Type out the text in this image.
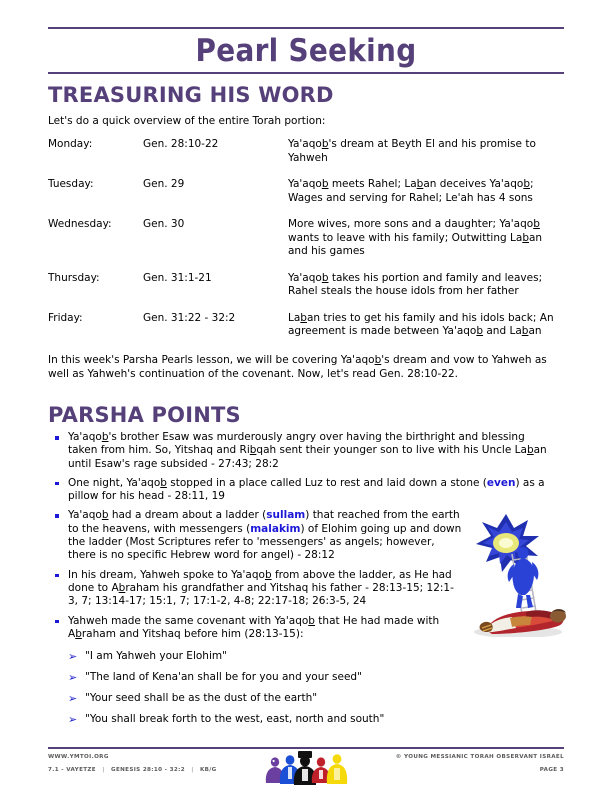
Pearl Seeking
TREASURING HIS WORD
Let's do a quick overview of the entire Torah portion:
Monday:	Gen. 28:10-22	Ya'aqob's dream at Beyth El and his promise to Yahweh
Tuesday:	Gen. 29	Ya'aqob meets Rahel; Laban deceives Ya'aqob; Wages and serving for Rahel; Le'ah has 4 sons
Wednesday:	Gen. 30	More wives, more sons and a daughter; Ya'aqob wants to leave with his family; Outwitting Laban and his games
Thursday:	Gen. 31:1-21	Ya'aqob takes his portion and family and leaves; Rahel steals the house idols from her father
Friday:	Gen. 31:22 - 32:2	Laban tries to get his family and his idols back; An agreement is made between Ya'aqob and Laban
In this week's Parsha Pearls lesson, we will be covering Ya'aqob's dream and vow to Yahweh as well as Yahweh's continuation of the covenant. Now, let's read Gen. 28:10-22.
PARSHA POINTS
Ya'aqob's brother Esaw was murderously angry over having the birthright and blessing taken from him. So, Yitshaq and Ribqah sent their younger son to live with his Uncle Laban until Esaw's rage subsided - 27:43; 28:2
One night, Ya'aqob stopped in a place called Luz to rest and laid down a stone (even) as a pillow for his head - 28:11, 19
Ya'aqob had a dream about a ladder (sullam) that reached from the earth to the heavens, with messengers (malakim) of Elohim going up and down the ladder (Most Scriptures refer to 'messengers' as angels; however, there is no specific Hebrew word for angel) - 28:12
In his dream, Yahweh spoke to Ya'aqob from above the ladder, as He had done to Abraham his grandfather and Yitshaq his father - 28:13-15; 12:1-3, 7; 13:14-17; 15:1, 7; 17:1-2, 4-8; 22:17-18; 26:3-5, 24
Yahweh made the same covenant with Ya'aqob that He had made with Abraham and Yitshaq before him (28:13-15):
➢ "I am Yahweh your Elohim"
➢ "The land of Kena'an shall be for you and your seed"
➢ "Your seed shall be as the dust of the earth"
➢ "You shall break forth to the west, east, north and south"
WWW.YMTOI.ORG
7.1 - VAYETZE | GENESIS 28:10 - 32:2 | KB/G
© YOUNG MESSIANIC TORAH OBSERVANT ISRAEL
PAGE 3
